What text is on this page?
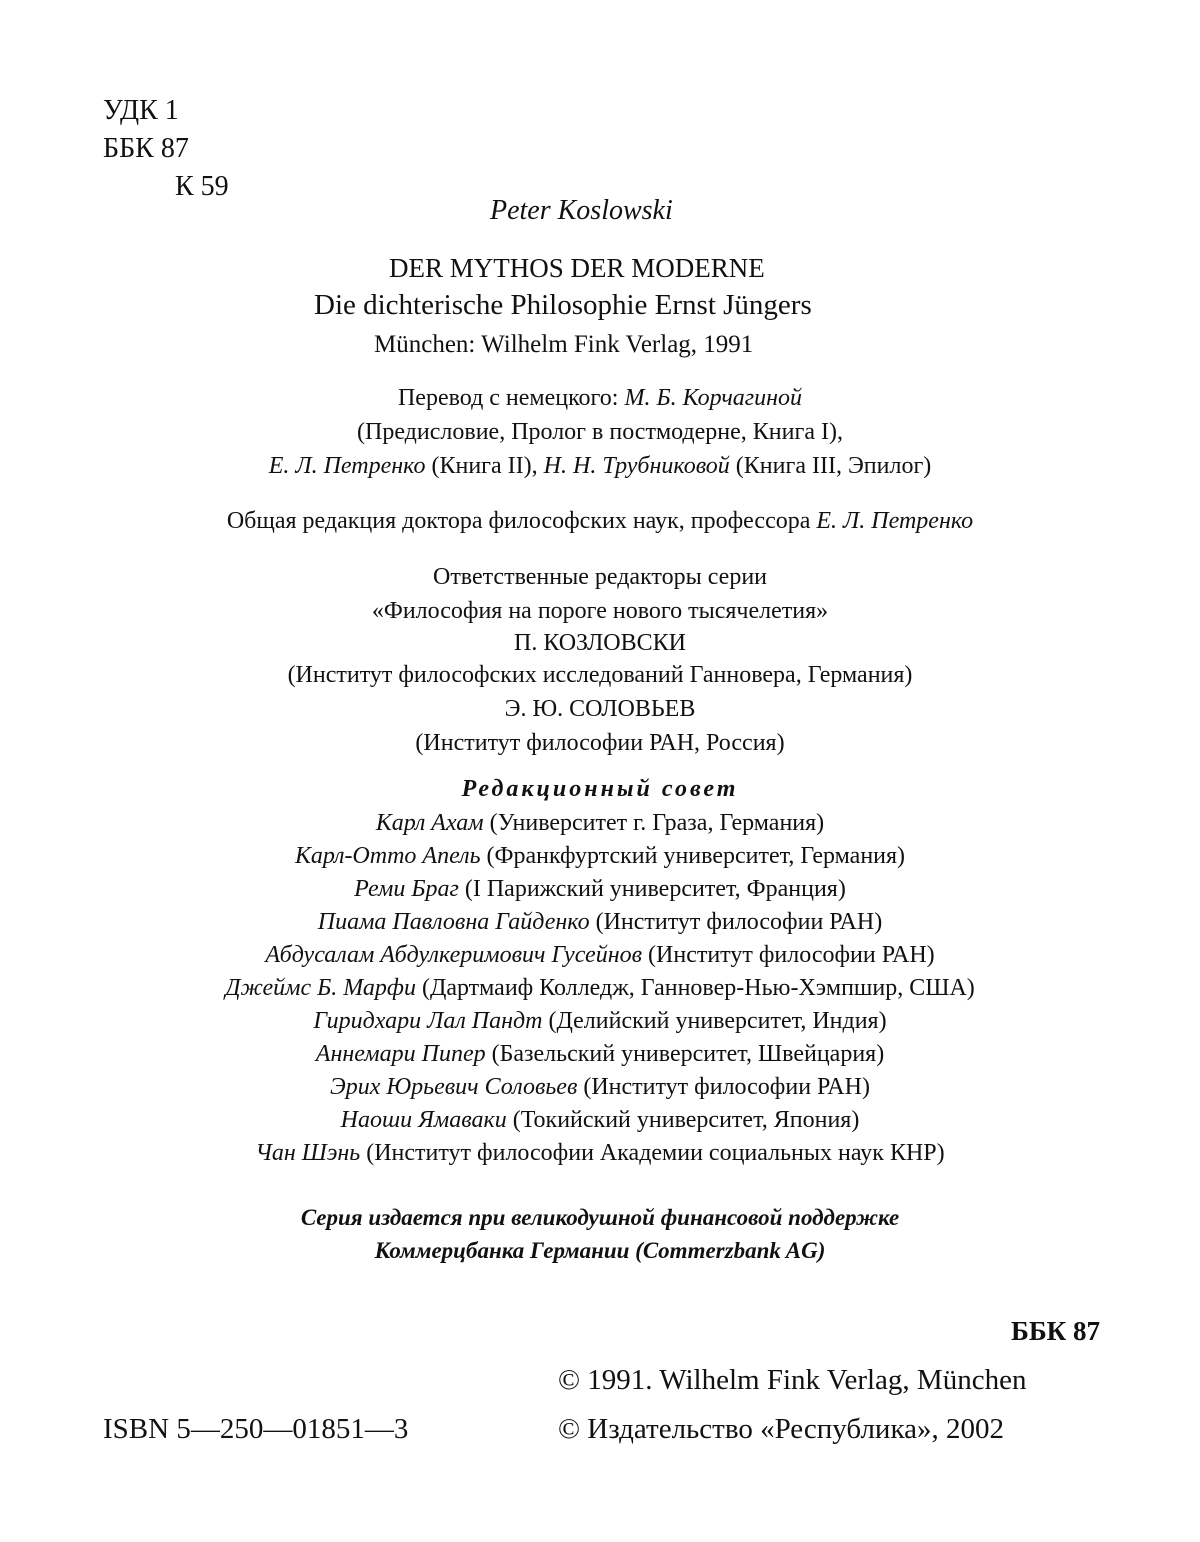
УДК 1
ББК 87
К 59
Peter Koslowski
DER MYTHOS DER MODERNE
Die dichterische Philosophie Ernst Jüngers
München: Wilhelm Fink Verlag, 1991
Перевод с немецкого: М. Б. Корчагиной
(Предисловие, Пролог в постмодерне, Книга I),
Е. Л. Петренко (Книга II), Н. Н. Трубниковой (Книга III, Эпилог)
Общая редакция доктора философских наук, профессора Е. Л. Петренко
Ответственные редакторы серии
«Философия на пороге нового тысячелетия»
П. КОЗЛОВСКИ
(Институт философских исследований Ганновера, Германия)
Э. Ю. СОЛОВЬЕВ
(Институт философии РАН, Россия)
Редакционный совет
Карл Ахам (Университет г. Граза, Германия)
Карл-Отто Апель (Франкфуртский университет, Германия)
Реми Браг (I Парижский университет, Франция)
Пиама Павловна Гайденко (Институт философии РАН)
Абдусалам Абдулкеримович Гусейнов (Институт философии РАН)
Джеймс Б. Марфи (Дартмаиф Колледж, Ганновер-Нью-Хэмпшир, США)
Гиридхари Лал Пандт (Делийский университет, Индия)
Аннемари Пипер (Базельский университет, Швейцария)
Эрих Юрьевич Соловьев (Институт философии РАН)
Наоши Ямаваки (Токийский университет, Япония)
Чан Шэнь (Институт философии Академии социальных наук КНР)
Серия издается при великодушной финансовой поддержке
Коммерцбанка Германии (Commerzbank AG)
ББК 87
© 1991. Wilhelm Fink Verlag, München
ISBN 5—250—01851—3	© Издательство «Республика», 2002
